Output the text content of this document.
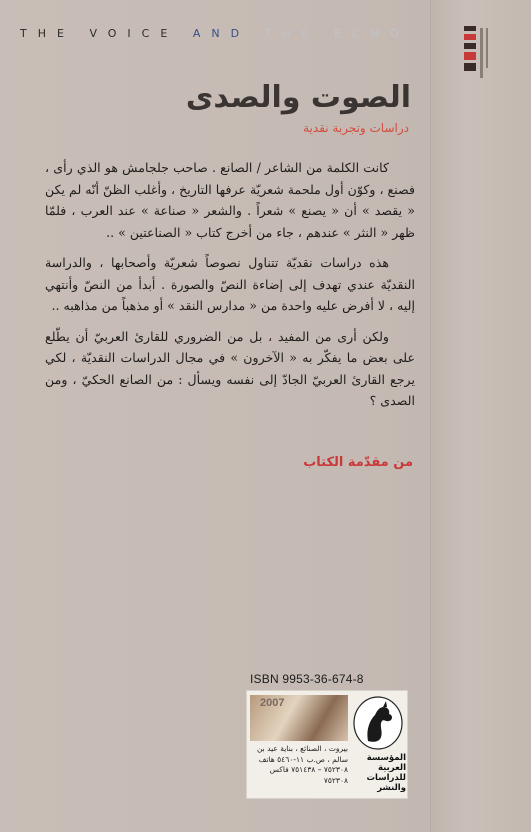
THE VOICE AND THE ECHO
الصوت والصدى
دراسات وتجربة نقدية

كانت الكلمة من الشاعر / الصانع . صاحب جلجامش هو الذي رأى ، فصنع ، وكوّن أول ملحمة شعريّة عرفها التاريخ ، وأغلب الظنّ أنّه لم يكن « يقصد » أن « يصنع » شعراً . والشعر « صناعة » عند العرب ، فلمّا ظهر « النثر » عندهم ، جاء من أخرج كتاب « الصناعتين » ..

هذه دراسات نقديّة تتناول نصوصاً شعريّة وأصحابها ، والدراسة النقديّة عندي تهدف إلى إضاءة النصّ والصورة . أبدأ من النصّ وأنتهي إليه ، لا أفرض عليه واحدة من « مدارس النقد » أو مذهباً من مذاهبه ..

ولكن أرى من المفيد ، بل من الضروري للقارئ العربيّ أن يطّلع على بعض ما يفكّر به « الآخرون » في مجال الدراسات النقديّة ، لكي يرجع القارئ العربيّ الجادّ إلى نفسه ويسأل : من الصانع الحكيّ ، ومن الصدى ؟

من مقدّمة الكتاب
ISBN 9953-36-674-8
2007
بيروت ، الصنائع ، بناية عيد بن سالم ، ص.ب ١١-٥٤٦٠ هاتف ٧٥٢٣٠٨ – ٧٥١٤٣٨ فاكس ٧٥٢٣٠٨
المؤسسة العربية للدراسات والنشر
